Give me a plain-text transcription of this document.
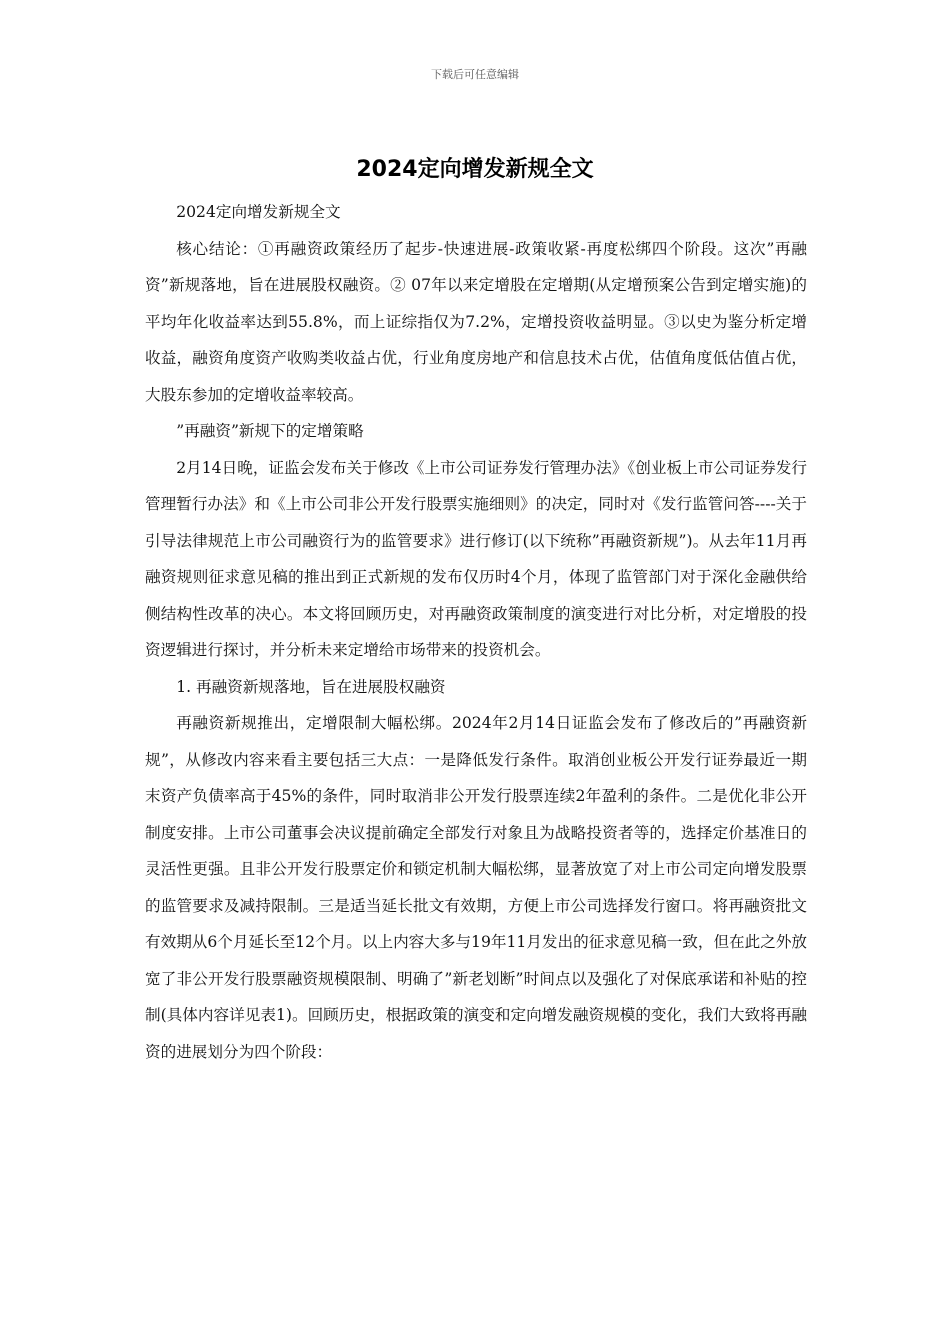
下载后可任意编辑
2024定向增发新规全文

2024定向增发新规全文

核心结论：①再融资政策经历了起步-快速进展-政策收紧-再度松绑四个阶段。这次”再融资”新规落地，旨在进展股权融资。② 07年以来定增股在定增期(从定增预案公告到定增实施)的平均年化收益率达到55.8%，而上证综指仅为7.2%，定增投资收益明显。③以史为鉴分析定增收益，融资角度资产收购类收益占优，行业角度房地产和信息技术占优，估值角度低估值占优，大股东参加的定增收益率较高。

”再融资”新规下的定增策略

2月14日晚，证监会发布关于修改《上市公司证券发行管理办法》《创业板上市公司证券发行管理暂行办法》和《上市公司非公开发行股票实施细则》的决定，同时对《发行监管问答----关于引导法律规范上市公司融资行为的监管要求》进行修订(以下统称”再融资新规”)。从去年11月再融资规则征求意见稿的推出到正式新规的发布仅历时4个月，体现了监管部门对于深化金融供给侧结构性改革的决心。本文将回顾历史，对再融资政策制度的演变进行对比分析，对定增股的投资逻辑进行探讨，并分析未来定增给市场带来的投资机会。

1. 再融资新规落地，旨在进展股权融资

再融资新规推出，定增限制大幅松绑。2024年2月14日证监会发布了修改后的”再融资新规”，从修改内容来看主要包括三大点：一是降低发行条件。取消创业板公开发行证券最近一期末资产负债率高于45%的条件，同时取消非公开发行股票连续2年盈利的条件。二是优化非公开制度安排。上市公司董事会决议提前确定全部发行对象且为战略投资者等的，选择定价基准日的灵活性更强。且非公开发行股票定价和锁定机制大幅松绑，显著放宽了对上市公司定向增发股票的监管要求及减持限制。三是适当延长批文有效期，方便上市公司选择发行窗口。将再融资批文有效期从6个月延长至12个月。以上内容大多与19年11月发出的征求意见稿一致，但在此之外放宽了非公开发行股票融资规模限制、明确了”新老划断”时间点以及强化了对保底承诺和补贴的控制(具体内容详见表1)。回顾历史，根据政策的演变和定向增发融资规模的变化，我们大致将再融资的进展划分为四个阶段：
